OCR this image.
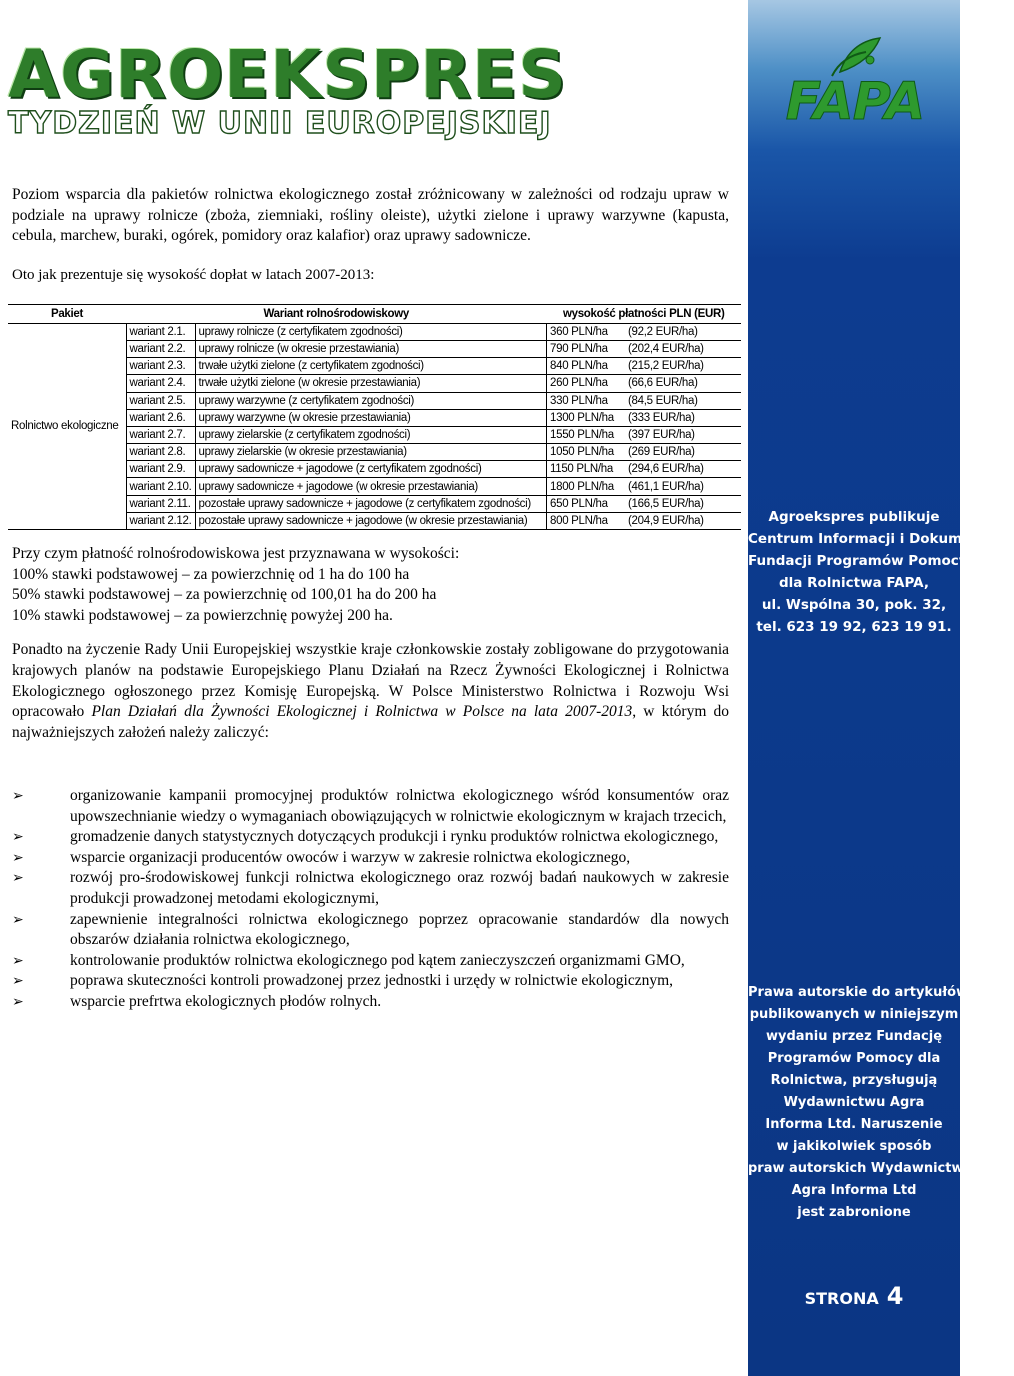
AGROEKSPRES
TYDZIEŃ W UNII EUROPEJSKIEJ	FAPA
Agroekspres publikuje
Centrum Informacji i Dokumentacji
Fundacji Programów Pomocy
dla Rolnictwa FAPA,
ul. Wspólna 30, pok. 32,
tel. 623 19 92, 623 19 91.
Prawa autorskie do artykułów,
publikowanych w niniejszym
wydaniu przez Fundację
Programów Pomocy dla
Rolnictwa, przysługują
Wydawnictwu Agra
Informa Ltd. Naruszenie
w jakikolwiek sposób
praw autorskich Wydawnictwa
Agra Informa Ltd
jest zabronione
STRONA 4

Poziom wsparcia dla pakietów rolnictwa ekologicznego został zróżnicowany w zależności od rodzaju upraw w podziale na uprawy rolnicze (zboża, ziemniaki, rośliny oleiste), użytki zielone i uprawy warzywne (kapusta, cebula, marchew, buraki, ogórek, pomidory oraz kalafior) oraz uprawy sadownicze.

Oto jak prezentuje się wysokość dopłat w latach 2007-2013:

Pakiet	Wariant rolnośrodowiskowy		wysokość płatności PLN (EUR)	
Rolnictwo ekologiczne	wariant 2.1.	uprawy rolnicze (z certyfikatem zgodności)	360 PLN/ha	(92,2 EUR/ha)
	wariant 2.2.	uprawy rolnicze (w okresie przestawiania)	790 PLN/ha	(202,4 EUR/ha)
	wariant 2.3.	trwałe użytki zielone (z certyfikatem zgodności)	840 PLN/ha	(215,2 EUR/ha)
	wariant 2.4.	trwałe użytki zielone (w okresie przestawiania)	260 PLN/ha	(66,6 EUR/ha)
	wariant 2.5.	uprawy warzywne (z certyfikatem zgodności)	330 PLN/ha	(84,5 EUR/ha)
	wariant 2.6.	uprawy warzywne (w okresie przestawiania)	1300 PLN/ha	(333 EUR/ha)
	wariant 2.7.	uprawy zielarskie (z certyfikatem zgodności)	1550 PLN/ha	(397 EUR/ha)
	wariant 2.8.	uprawy zielarskie (w okresie przestawiania)	1050 PLN/ha	(269 EUR/ha)
	wariant 2.9.	uprawy sadownicze + jagodowe (z certyfikatem zgodności)	1150 PLN/ha	(294,6 EUR/ha)
	wariant 2.10.	uprawy sadownicze + jagodowe (w okresie przestawiania)	1800 PLN/ha	(461,1 EUR/ha)
	wariant 2.11.	pozostałe uprawy sadownicze + jagodowe (z certyfikatem zgodności)	650 PLN/ha	(166,5 EUR/ha)
	wariant 2.12.	pozostałe uprawy sadownicze + jagodowe (w okresie przestawiania)	800 PLN/ha	(204,9 EUR/ha)

Przy czym płatność rolnośrodowiskowa jest przyznawana w wysokości:
100% stawki podstawowej – za powierzchnię od 1 ha do 100 ha
50% stawki podstawowej – za powierzchnię od 100,01 ha do 200 ha
10% stawki podstawowej – za powierzchnię powyżej 200 ha.

Ponadto na życzenie Rady Unii Europejskiej wszystkie kraje członkowskie zostały zobligowane do przygotowania krajowych planów na podstawie Europejskiego Planu Działań na Rzecz Żywności Ekologicznej i Rolnictwa Ekologicznego ogłoszonego przez Komisję Europejską. W Polsce Ministerstwo Rolnictwa i Rozwoju Wsi opracowało Plan Działań dla Żywności Ekologicznej i Rolnictwa w Polsce na lata 2007-2013, w którym do najważniejszych założeń należy zaliczyć:

➢	organizowanie kampanii promocyjnej produktów rolnictwa ekologicznego wśród konsumentów oraz upowszechnianie wiedzy o wymaganiach obowiązujących w rolnictwie ekologicznym w krajach trzecich,
➢	gromadzenie danych statystycznych dotyczących produkcji i rynku produktów rolnictwa ekologicznego,
➢	wsparcie organizacji producentów owoców i warzyw w zakresie rolnictwa ekologicznego,
➢	rozwój pro-środowiskowej funkcji rolnictwa ekologicznego oraz rozwój badań naukowych w zakresie produkcji prowadzonej metodami ekologicznymi,
➢	zapewnienie integralności rolnictwa ekologicznego poprzez opracowanie standardów dla nowych obszarów działania rolnictwa ekologicznego,
➢	kontrolowanie produktów rolnictwa ekologicznego pod kątem zanieczyszczeń organizmami GMO,
➢	poprawa skuteczności kontroli prowadzonej przez jednostki i urzędy w rolnictwie ekologicznym,
➢	wsparcie prefrtwa ekologicznych płodów rolnych.
